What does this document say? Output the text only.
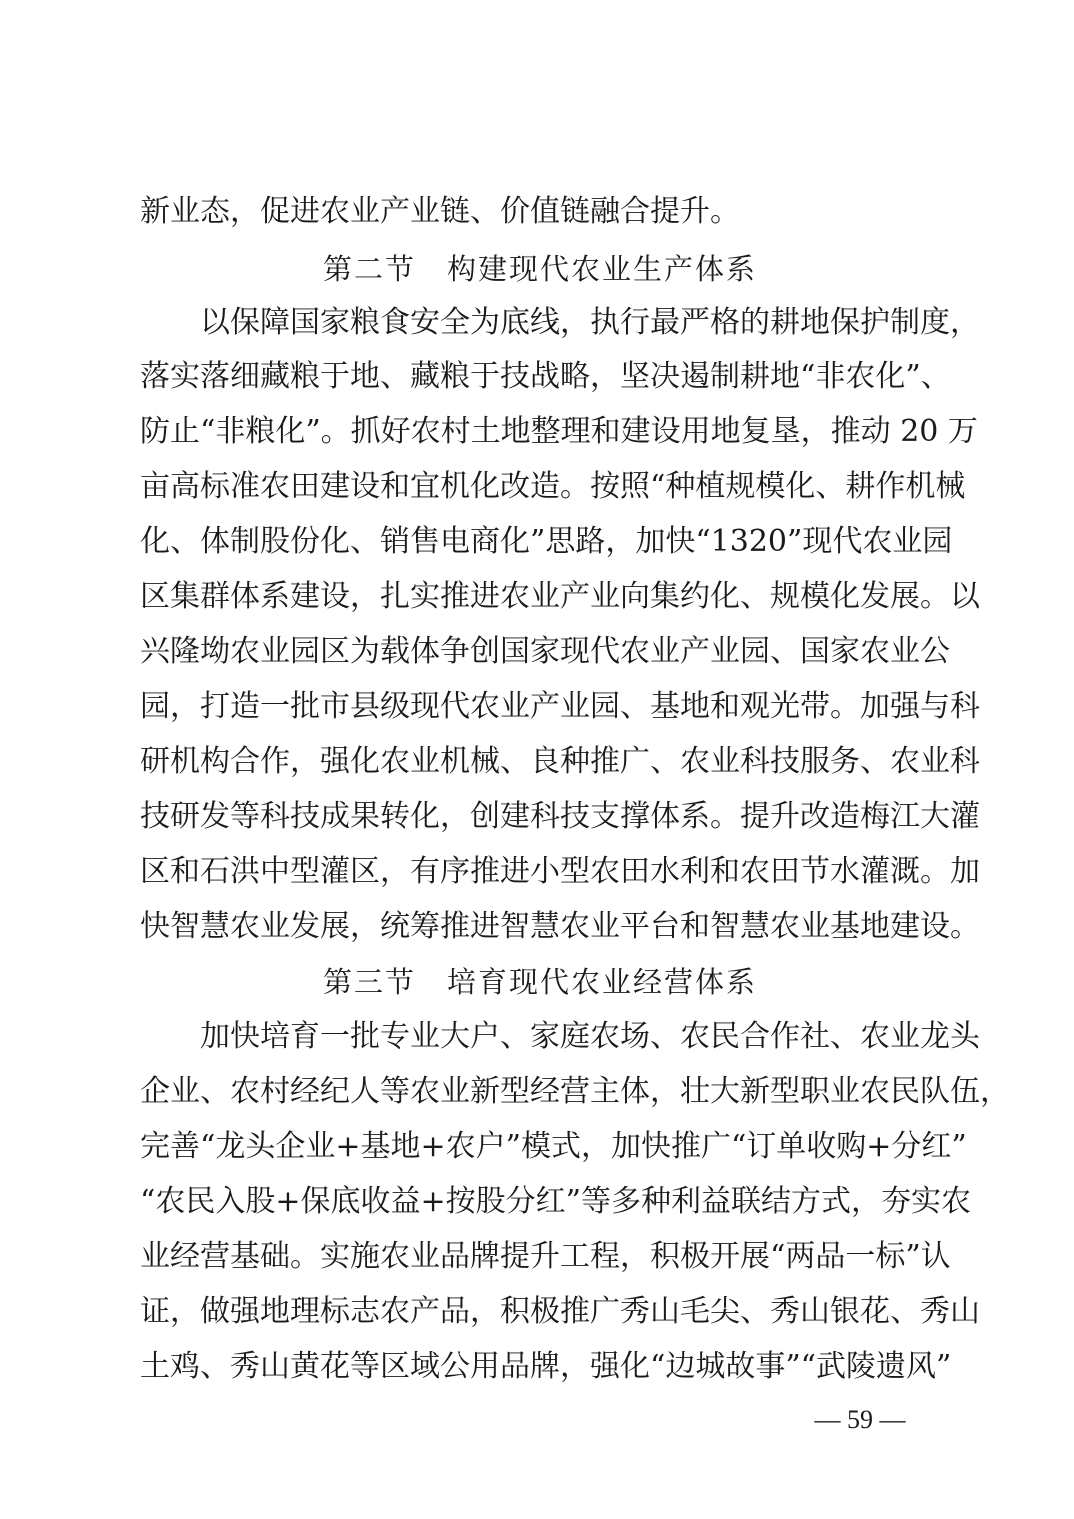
新业态，促进农业产业链、价值链融合提升。
第二节　构建现代农业生产体系
以保障国家粮食安全为底线，执行最严格的耕地保护制度，
落实落细藏粮于地、藏粮于技战略，坚决遏制耕地“非农化”、
防止“非粮化”。抓好农村土地整理和建设用地复垦，推动 20 万
亩高标准农田建设和宜机化改造。按照“种植规模化、耕作机械
化、体制股份化、销售电商化”思路，加快“1320”现代农业园
区集群体系建设，扎实推进农业产业向集约化、规模化发展。以
兴隆坳农业园区为载体争创国家现代农业产业园、国家农业公
园，打造一批市县级现代农业产业园、基地和观光带。加强与科
研机构合作，强化农业机械、良种推广、农业科技服务、农业科
技研发等科技成果转化，创建科技支撑体系。提升改造梅江大灌
区和石洪中型灌区，有序推进小型农田水利和农田节水灌溉。加
快智慧农业发展，统筹推进智慧农业平台和智慧农业基地建设。
第三节　培育现代农业经营体系
加快培育一批专业大户、家庭农场、农民合作社、农业龙头
企业、农村经纪人等农业新型经营主体，壮大新型职业农民队伍，
完善“龙头企业+基地+农户”模式，加快推广“订单收购+分红”
“农民入股+保底收益+按股分红”等多种利益联结方式，夯实农
业经营基础。实施农业品牌提升工程，积极开展“两品一标”认
证，做强地理标志农产品，积极推广秀山毛尖、秀山银花、秀山
土鸡、秀山黄花等区域公用品牌，强化“边城故事”“武陵遗风”
— 59 —
